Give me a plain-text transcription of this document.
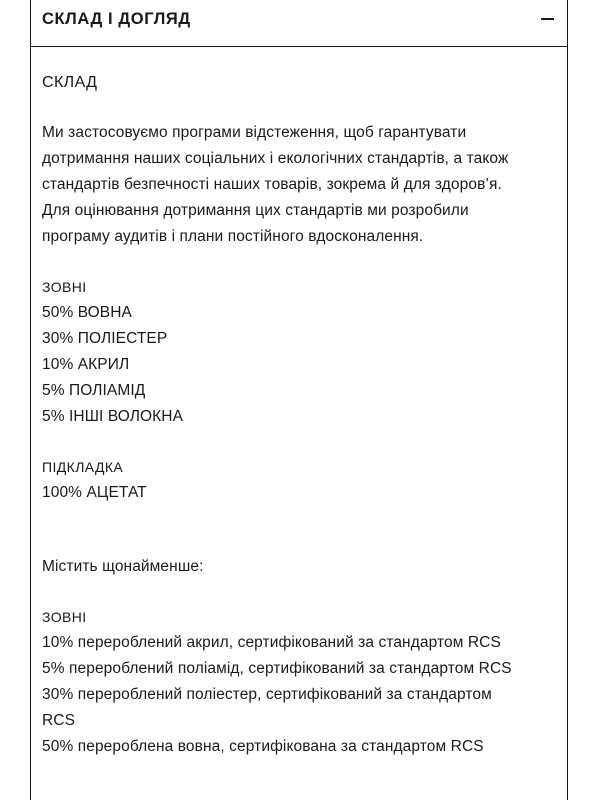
СКЛАД І ДОГЛЯД
СКЛАД
Ми застосовуємо програми відстеження, щоб гарантувати
дотримання наших соціальних і екологічних стандартів, а також
стандартів безпечності наших товарів, зокрема й для здоров’я.
Для оцінювання дотримання цих стандартів ми розробили
програму аудитів і плани постійного вдосконалення.
ЗОВНІ
50% ВОВНА
30% ПОЛІЕСТЕР
10% АКРИЛ
5% ПОЛІАМІД
5% ІНШІ ВОЛОКНА
ПІДКЛАДКА
100% АЦЕТАТ
Містить щонайменше:
ЗОВНІ
10% перероблений акрил, сертифікований за стандартом RCS
5% перероблений поліамід, сертифікований за стандартом RCS
30% перероблений поліестер, сертифікований за стандартом
RCS
50% перероблена вовна, сертифікована за стандартом RCS
